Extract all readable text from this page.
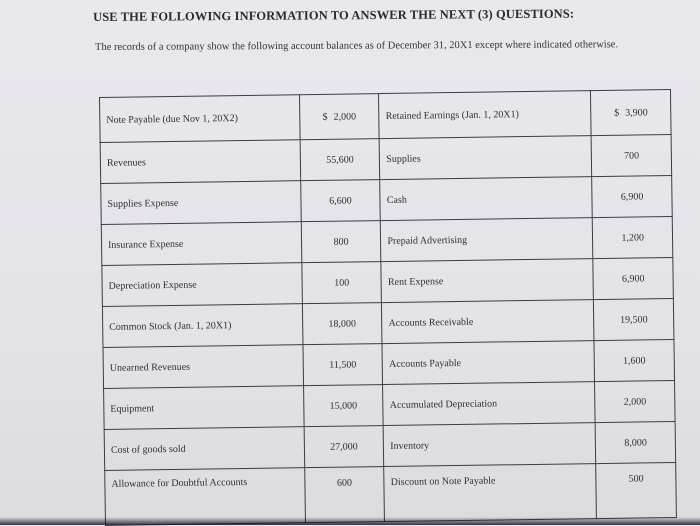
USE THE FOLLOWING INFORMATION TO ANSWER THE NEXT (3) QUESTIONS:
The records of a company show the following account balances as of December 31, 20X1 except where indicated otherwise.
Note Payable (due Nov 1, 20X2)	$ 2,000	Retained Earnings (Jan. 1, 20X1)	$ 3,900
Revenues	55,600	Supplies	700
Supplies Expense	6,600	Cash	6,900
Insurance Expense	800	Prepaid Advertising	1,200
Depreciation Expense	100	Rent Expense	6,900
Common Stock (Jan. 1, 20X1)	18,000	Accounts Receivable	19,500
Unearned Revenues	11,500	Accounts Payable	1,600
Equipment	15,000	Accumulated Depreciation	2,000
Cost of goods sold	27,000	Inventory	8,000
Allowance for Doubtful Accounts	600	Discount on Note Payable	500
